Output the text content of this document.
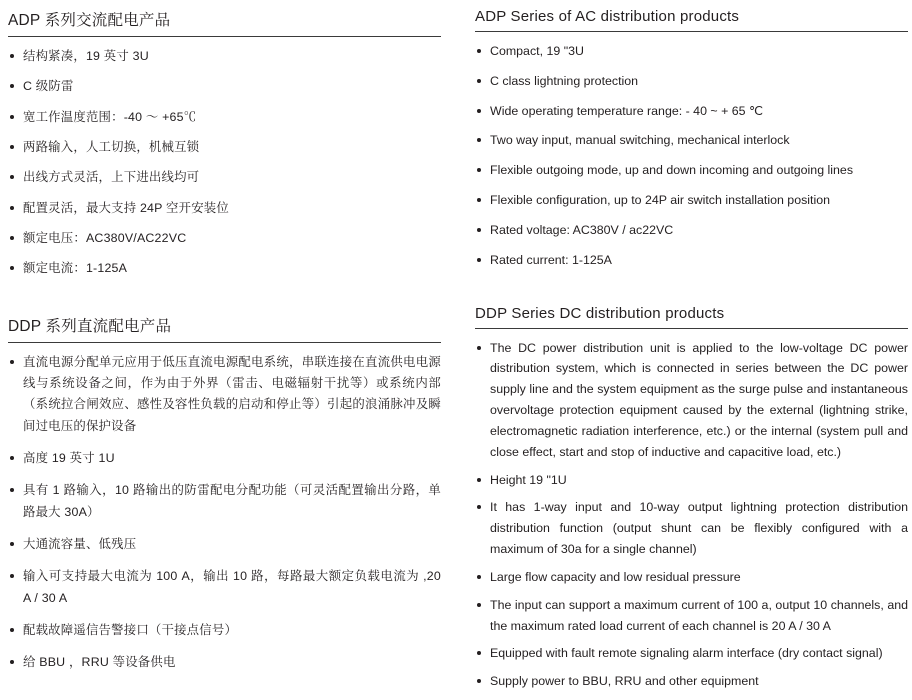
ADP 系列交流配电产品
结构紧凑，19 英寸 3U
C 级防雷
宽工作温度范围：-40 ～ +65℃
两路输入，人工切换，机械互锁
出线方式灵活，上下进出线均可
配置灵活，最大支持 24P 空开安装位
额定电压：AC380V/AC22VC
额定电流：1-125A
DDP 系列直流配电产品
直流电源分配单元应用于低压直流电源配电系统，串联连接在直流供电电源线与系统设备之间，作为由于外界（雷击、电磁辐射干扰等）或系统内部（系统拉合闸效应、感性及容性负载的启动和停止等）引起的浪涌脉冲及瞬间过电压的保护设备
高度 19 英寸 1U
具有 1 路输入，10 路输出的防雷配电分配功能（可灵活配置输出分路，单路最大 30A）
大通流容量、低残压
输入可支持最大电流为 100 A，输出 10 路，每路最大额定负载电流为 ,20 A / 30 A
配载故障遥信告警接口（干接点信号）
给 BBU ，RRU 等设备供电
ADP Series of AC distribution products
Compact, 19 "3U
C class lightning protection
Wide operating temperature range: - 40 ~ + 65 ℃
Two way input, manual switching, mechanical interlock
Flexible outgoing mode, up and down incoming and outgoing lines
Flexible configuration, up to 24P air switch installation position
Rated voltage: AC380V / ac22VC
Rated current: 1-125A
DDP Series DC distribution products
The DC power distribution unit is applied to the low-voltage DC power distribution system, which is connected in series between the DC power supply line and the system equipment as the surge pulse and instantaneous overvoltage protection equipment caused by the external (lightning strike, electromagnetic radiation interference, etc.) or the internal (system pull and close effect, start and stop of inductive and capacitive load, etc.)
Height 19 "1U
It has 1-way input and 10-way output lightning protection distribution distribution function (output shunt can be flexibly configured with a maximum of 30a for a single channel)
Large flow capacity and low residual pressure
The input can support a maximum current of 100 a, output 10 channels, and the maximum rated load current of each channel is 20 A / 30 A
Equipped with fault remote signaling alarm interface (dry contact signal)
Supply power to BBU, RRU and other equipment
